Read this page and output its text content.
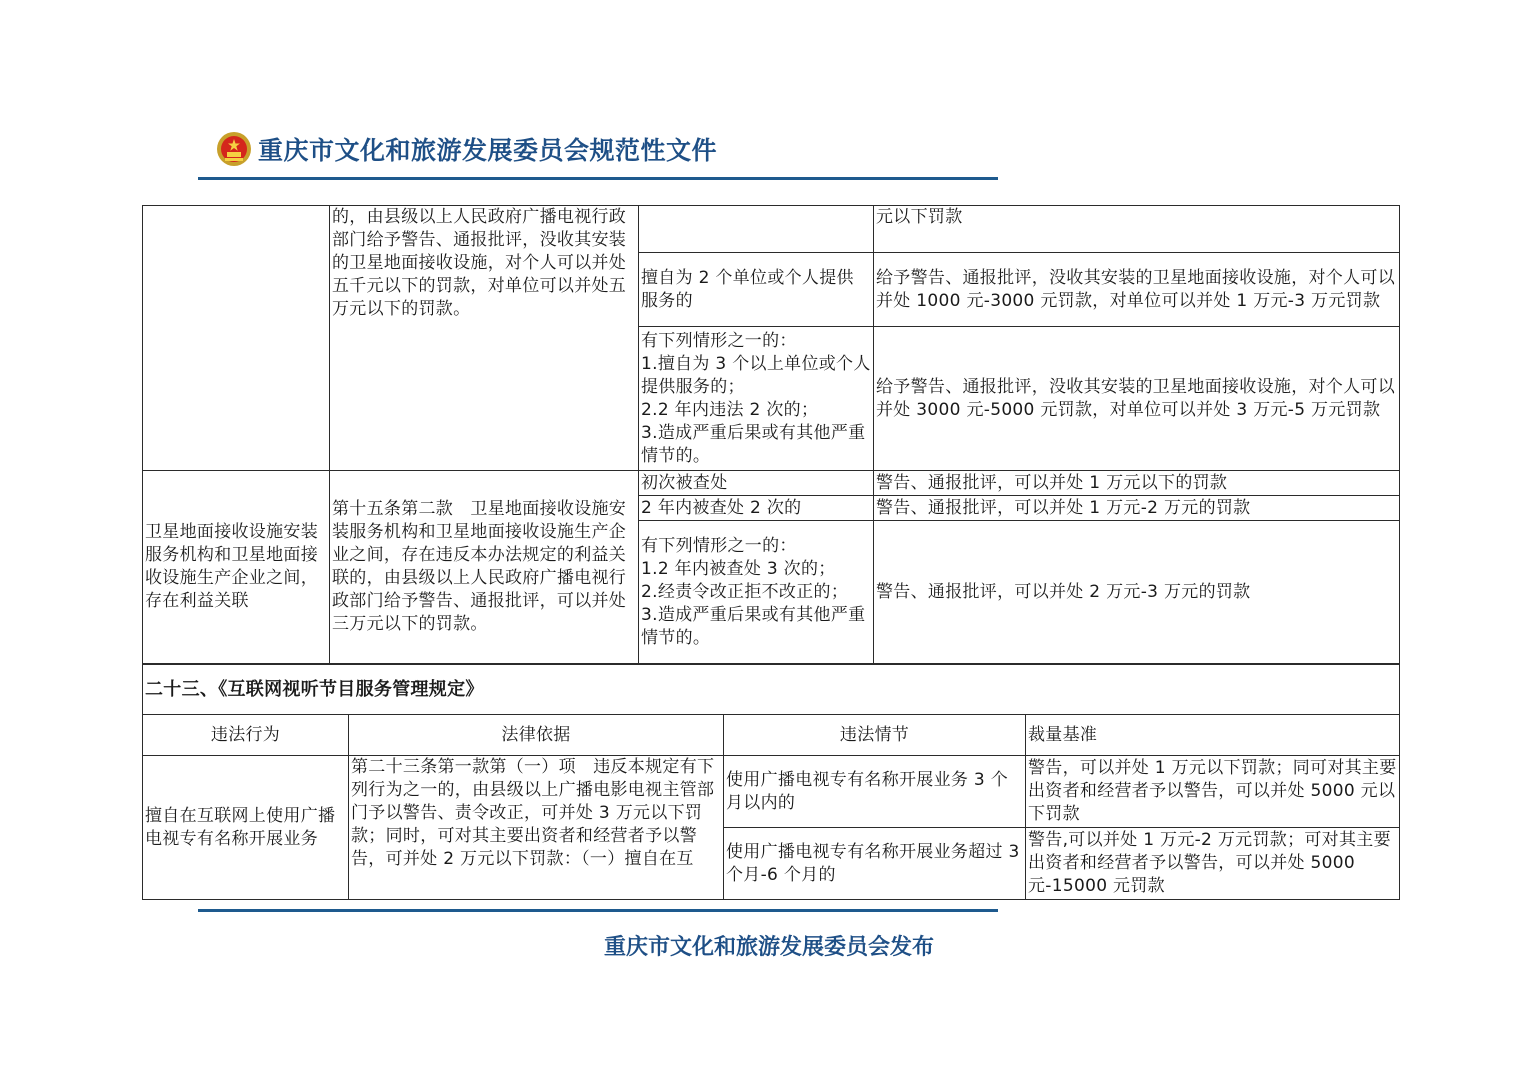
重庆市文化和旅游发展委员会规范性文件
	的，由县级以上人民政府广播电视行政部门给予警告、通报批评，没收其安装的卫星地面接收设施，对个人可以并处五千元以下的罚款，对单位可以并处五万元以下的罚款。		元以下罚款
		擅自为 2 个单位或个人提供服务的	给予警告、通报批评，没收其安装的卫星地面接收设施，对个人可以并处 1000 元-3000 元罚款，对单位可以并处 1 万元-3 万元罚款
		有下列情形之一的：
1.擅自为 3 个以上单位或个人提供服务的；
2.2 年内违法 2 次的；
3.造成严重后果或有其他严重情节的。	给予警告、通报批评，没收其安装的卫星地面接收设施，对个人可以并处 3000 元-5000 元罚款，对单位可以并处 3 万元-5 万元罚款
卫星地面接收设施安装服务机构和卫星地面接收设施生产企业之间，存在利益关联	第十五条第二款　卫星地面接收设施安装服务机构和卫星地面接收设施生产企业之间，存在违反本办法规定的利益关联的，由县级以上人民政府广播电视行政部门给予警告、通报批评，可以并处三万元以下的罚款。	初次被查处	警告、通报批评，可以并处 1 万元以下的罚款
		2 年内被查处 2 次的	警告、通报批评，可以并处 1 万元-2 万元的罚款
		有下列情形之一的：
1.2 年内被查处 3 次的；
2.经责令改正拒不改正的；
3.造成严重后果或有其他严重情节的。	警告、通报批评，可以并处 2 万元-3 万元的罚款
二十三、《互联网视听节目服务管理规定》			
违法行为	法律依据	违法情节	裁量基准
擅自在互联网上使用广播电视专有名称开展业务	第二十三条第一款第（一）项　违反本规定有下列行为之一的，由县级以上广播电影电视主管部门予以警告、责令改正，可并处 3 万元以下罚款；同时，可对其主要出资者和经营者予以警告，可并处 2 万元以下罚款：（一）擅自在互	使用广播电视专有名称开展业务 3 个月以内的	警告，可以并处 1 万元以下罚款；同可对其主要出资者和经营者予以警告，可以并处 5000 元以下罚款
		使用广播电视专有名称开展业务超过 3 个月-6 个月的	警告,可以并处 1 万元-2 万元罚款；可对其主要出资者和经营者予以警告，可以并处 5000 元-15000 元罚款
重庆市文化和旅游发展委员会发布
